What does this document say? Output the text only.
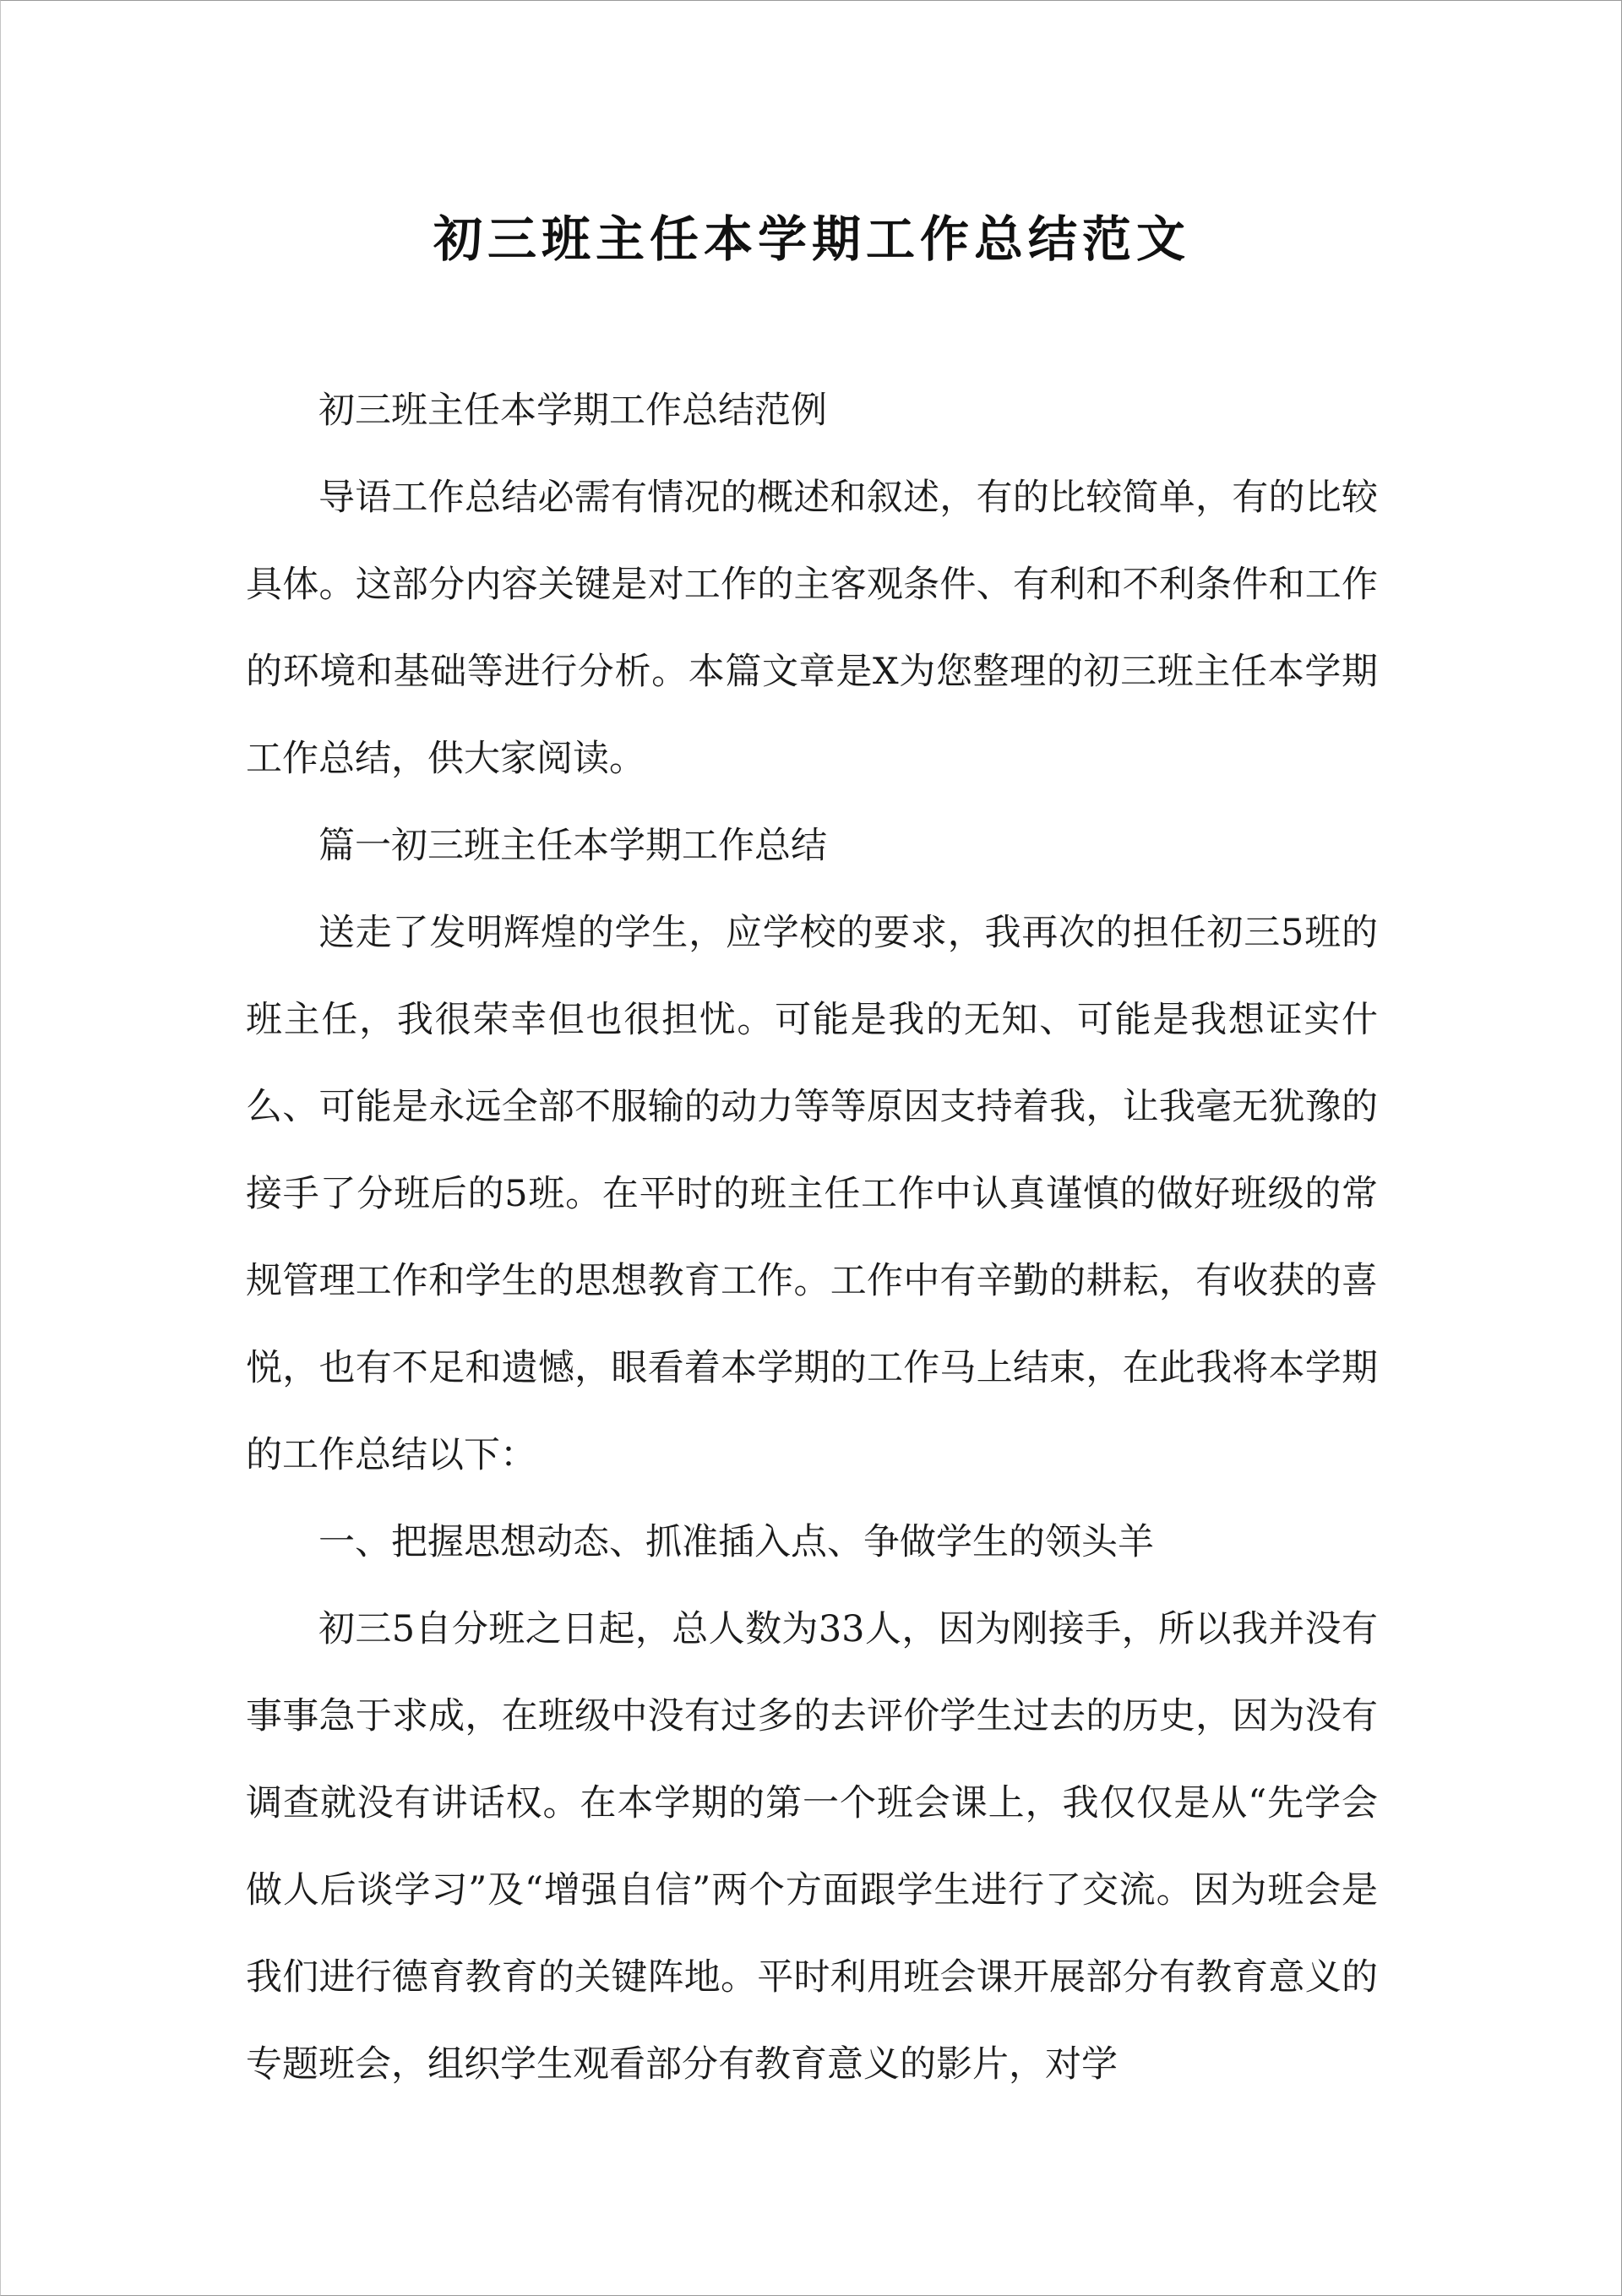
初三班主任本学期工作总结范文

初三班主任本学期工作总结范例

导语工作总结必需有情况的概述和叙述，有的比较简单，有的比较具体。这部分内容关键是对工作的主客观条件、有利和不利条件和工作的环境和基础等进行分析。本篇文章是X为您整理的初三班主任本学期工作总结，供大家阅读。

篇一初三班主任本学期工作总结

送走了发明辉煌的学生，应学校的要求，我再次的担任初三5班的班主任，我很荣幸但也很担忧。可能是我的无知、可能是我想证实什么、可能是永远全部不服输的动力等等原因支持着我，让我毫无犹豫的接手了分班后的5班。在平时的班主任工作中认真谨慎的做好班级的常规管理工作和学生的思想教育工作。工作中有辛勤的耕耘，有收获的喜悦，也有不足和遗憾，眼看着本学期的工作马上结束，在此我将本学期的工作总结以下：

一、把握思想动态、抓准插入点、争做学生的领头羊

初三5自分班之日起，总人数为33人，因为刚接手，所以我并没有事事急于求成，在班级中没有过多的去评价学生过去的历史，因为没有调查就没有讲话权。在本学期的第一个班会课上，我仅仅是从“先学会做人后谈学习”及“增强自信”两个方面跟学生进行了交流。因为班会是我们进行德育教育的关键阵地。平时利用班会课开展部分有教育意义的专题班会，组织学生观看部分有教育意义的影片，对学
